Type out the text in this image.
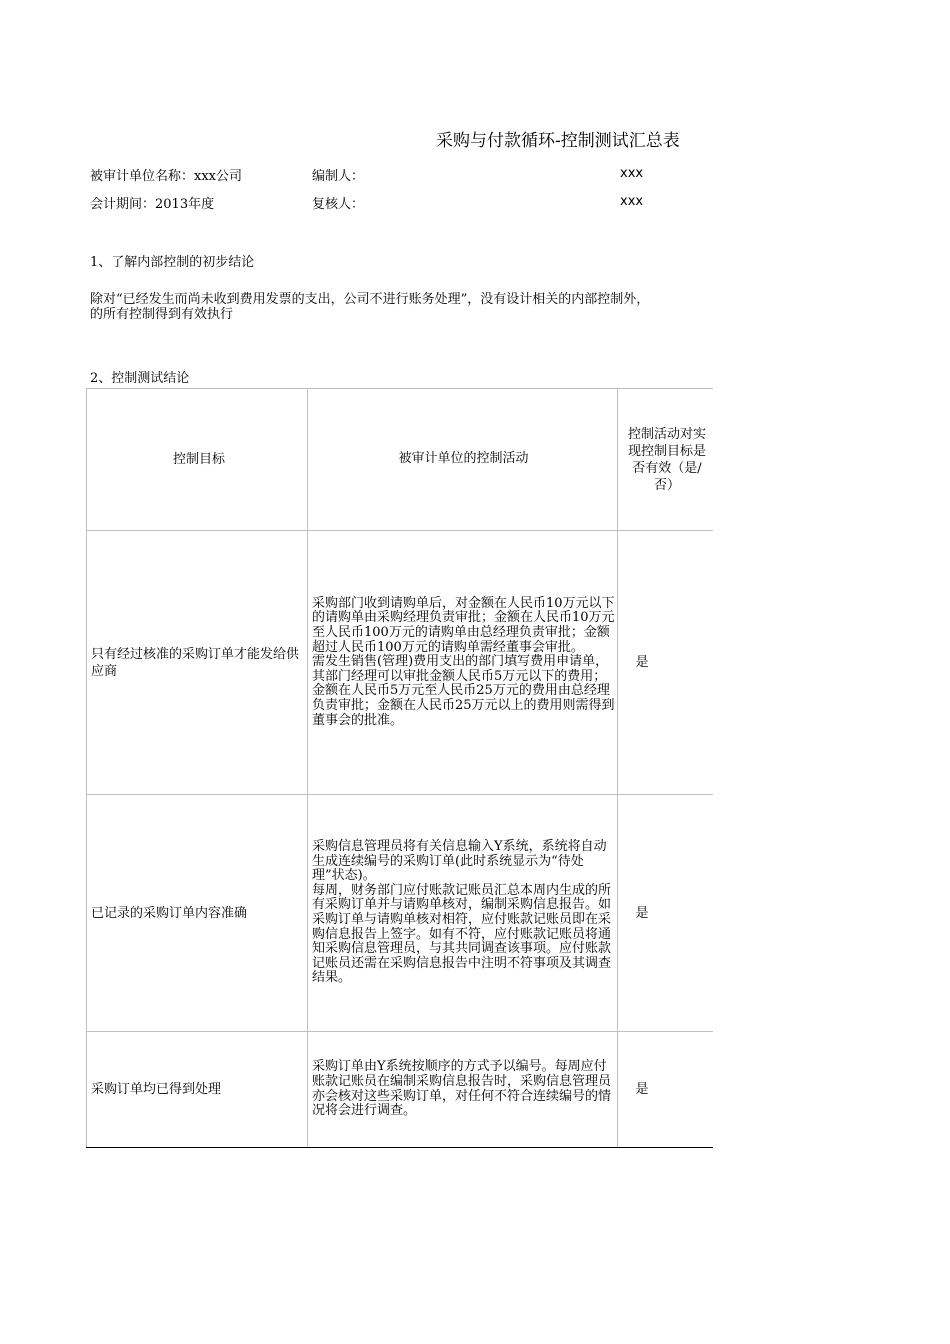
采购与付款循环-控制测试汇总表
被审计单位名称：xxx公司	编制人：	xxx
会计期间：2013年度	复核人：	xxx
1、了解内部控制的初步结论
除对“已经发生而尚未收到费用发票的支出，公司不进行账务处理”，没有设计相关的内部控制外，
的所有控制得到有效执行
2、控制测试结论
控制目标	被审计单位的控制活动	控制活动对实现控制目标是否有效（是/否）

只有经过核准的采购订单才能发给供应商	采购部门收到请购单后，对金额在人民币10万元以下的请购单由采购经理负责审批；金额在人民币10万元至人民币100万元的请购单由总经理负责审批；金额超过人民币100万元的请购单需经董事会审批。
需发生销售(管理)费用支出的部门填写费用申请单，其部门经理可以审批金额人民币5万元以下的费用；金额在人民币5万元至人民币25万元的费用由总经理负责审批；金额在人民币25万元以上的费用则需得到董事会的批准。	是
已记录的采购订单内容准确	采购信息管理员将有关信息输入Y系统，系统将自动生成连续编号的采购订单(此时系统显示为“待处理”状态)。
每周，财务部门应付账款记账员汇总本周内生成的所有采购订单并与请购单核对，编制采购信息报告。如采购订单与请购单核对相符，应付账款记账员即在采购信息报告上签字。如有不符，应付账款记账员将通知采购信息管理员，与其共同调查该事项。应付账款记账员还需在采购信息报告中注明不符事项及其调查结果。	是
采购订单均已得到处理	采购订单由Y系统按顺序的方式予以编号。每周应付账款记账员在编制采购信息报告时，采购信息管理员亦会核对这些采购订单，对任何不符合连续编号的情况将会进行调查。	是
